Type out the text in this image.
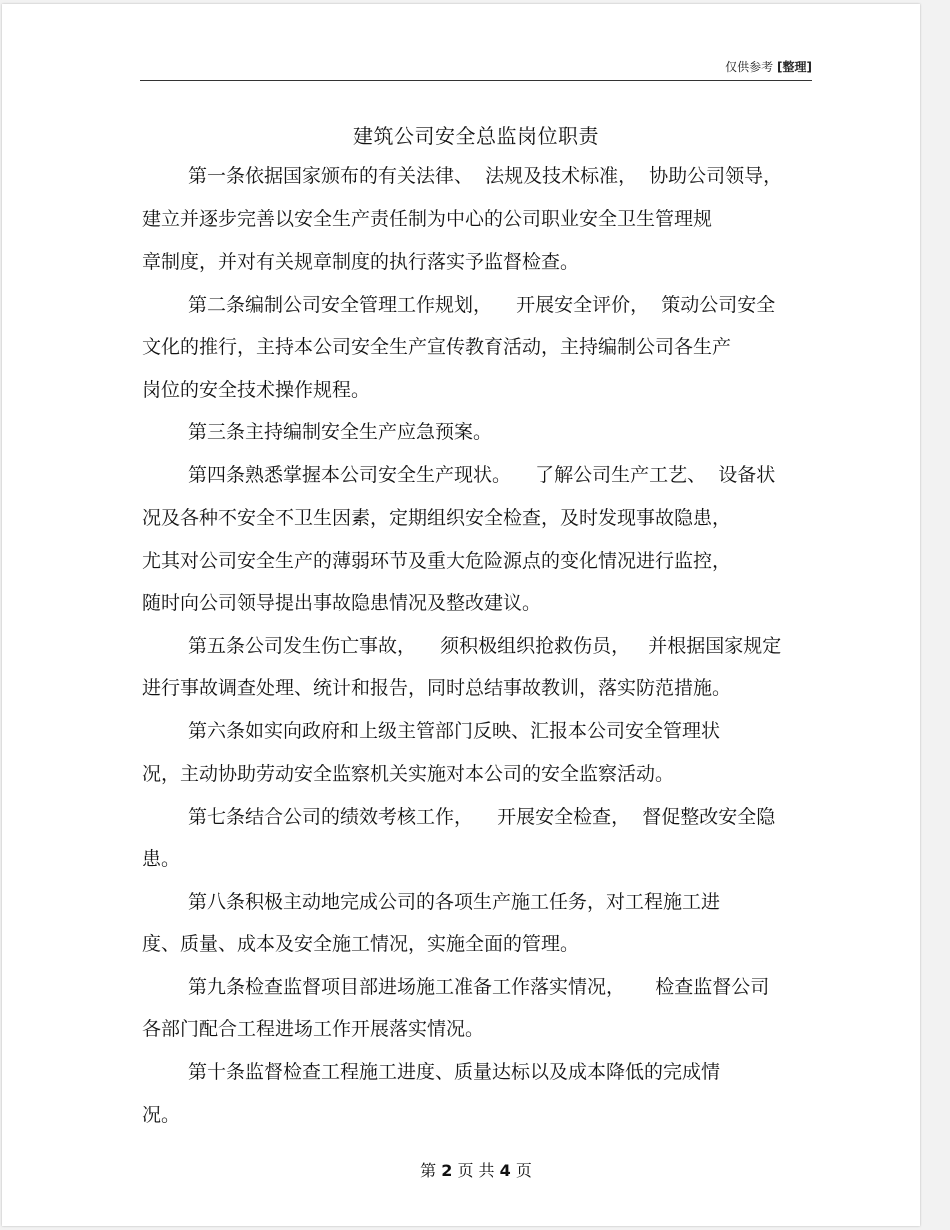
仅供参考 [整理]
建筑公司安全总监岗位职责
第一条依据国家颁布的有关法律、  法规及技术标准，  协助公司领导，
建立并逐步完善以安全生产责任制为中心的公司职业安全卫生管理规
章制度，并对有关规章制度的执行落实予监督检查。
第二条编制公司安全管理工作规划，    开展安全评价，  策动公司安全
文化的推行，主持本公司安全生产宣传教育活动，主持编制公司各生产
岗位的安全技术操作规程。
第三条主持编制安全生产应急预案。
第四条熟悉掌握本公司安全生产现状。    了解公司生产工艺、  设备状
况及各种不安全不卫生因素，定期组织安全检查，及时发现事故隐患，
尤其对公司安全生产的薄弱环节及重大危险源点的变化情况进行监控，
随时向公司领导提出事故隐患情况及整改建议。
第五条公司发生伤亡事故，    须积极组织抢救伤员，   并根据国家规定
进行事故调查处理、统计和报告，同时总结事故教训，落实防范措施。
第六条如实向政府和上级主管部门反映、汇报本公司安全管理状
况，主动协助劳动安全监察机关实施对本公司的安全监察活动。
第七条结合公司的绩效考核工作，    开展安全检查，  督促整改安全隐
患。
第八条积极主动地完成公司的各项生产施工任务，对工程施工进
度、质量、成本及安全施工情况，实施全面的管理。
第九条检查监督项目部进场施工准备工作落实情况，     检查监督公司
各部门配合工程进场工作开展落实情况。
第十条监督检查工程施工进度、质量达标以及成本降低的完成情
况。
第 2 页 共 4 页
